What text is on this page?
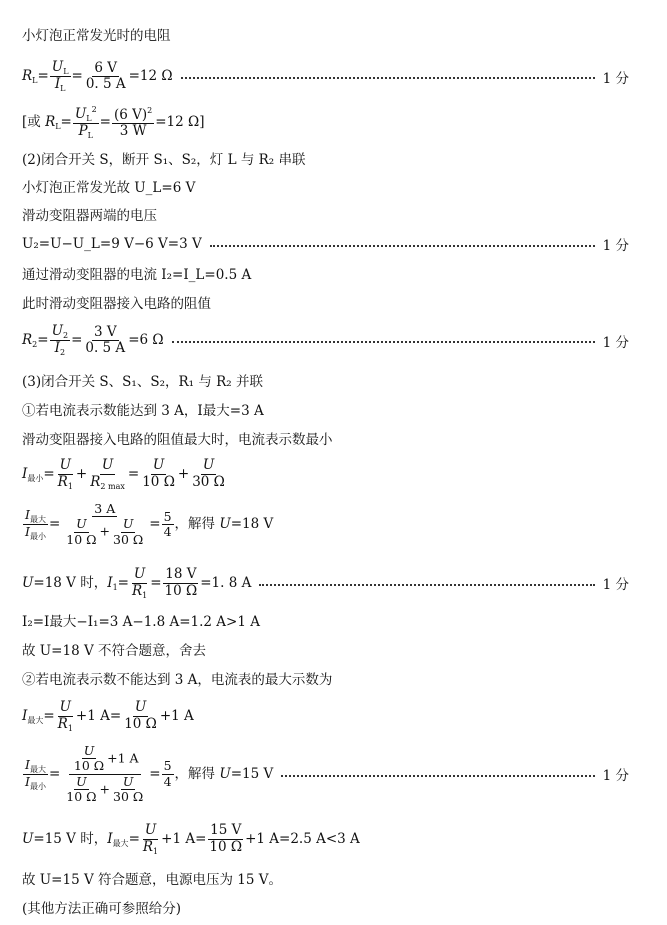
小灯泡正常发光时的电阻
$R_L= \frac{U_L}{I_L} = \frac{6 V}{0. 5 A} =12$ Ω	1 分
[或 $R_L= \frac{U_L^2}{P_L} = \frac{(6 V)^2}{3 W} =12$ Ω]
(2)闭合开关 S，断开 S₁、S₂，灯 L 与 R₂ 串联
小灯泡正常发光故 U_L=6 V
滑动变阻器两端的电压
U₂=U−U_L=9 V−6 V=3 V	1 分
通过滑动变阻器的电流 I₂=I_L=0.5 A
此时滑动变阻器接入电路的阻值
$R_2= \frac{U_2}{I_2} = \frac{3 V}{0. 5 A} =6$ Ω	1 分
(3)闭合开关 S、S₁、S₂，R₁ 与 R₂ 并联
①若电流表示数能达到 3 A，I最大=3 A
滑动变阻器接入电路的阻值最大时，电流表示数最小
$I_{最小}= \frac{U}{R_1} + \frac{U}{R_{2 max}} = \frac{U}{10 \Omega} + \frac{U}{30 \Omega}$
$\frac{I_{最大}}{I_{最小}} = \frac{3 A}{\frac{U}{10 \Omega} + \frac{U}{30 \Omega}} = \frac{5}{4}$ ，解得 U=18 V
U=18 V 时，$I_1= \frac{U}{R_1} = \frac{18 V}{10 \Omega} =1$. 8 A	1 分
I₂=I最大−I₁=3 A−1.8 A=1.2 A>1 A
故 U=18 V 不符合题意，舍去
②若电流表示数不能达到 3 A，电流表的最大示数为
$I_{最大}= \frac{U}{R_1} +1$ $A= \frac{U}{10 \Omega} +1$ A
$\frac{I_{最大}}{I_{最小}} = \frac{\frac{U}{10 \Omega} +1 A}{\frac{U}{10 \Omega} + \frac{U}{30 \Omega}} = \frac{5}{4}$ ，解得 U=15 V	1 分
U=15 V 时，$I_{最大}= \frac{U}{R_1} +1$ $A= \frac{15 V}{10 \Omega} +1$ A=2.5 A<3 A
故 U=15 V 符合题意，电源电压为 15 V。
(其他方法正确可参照给分)
